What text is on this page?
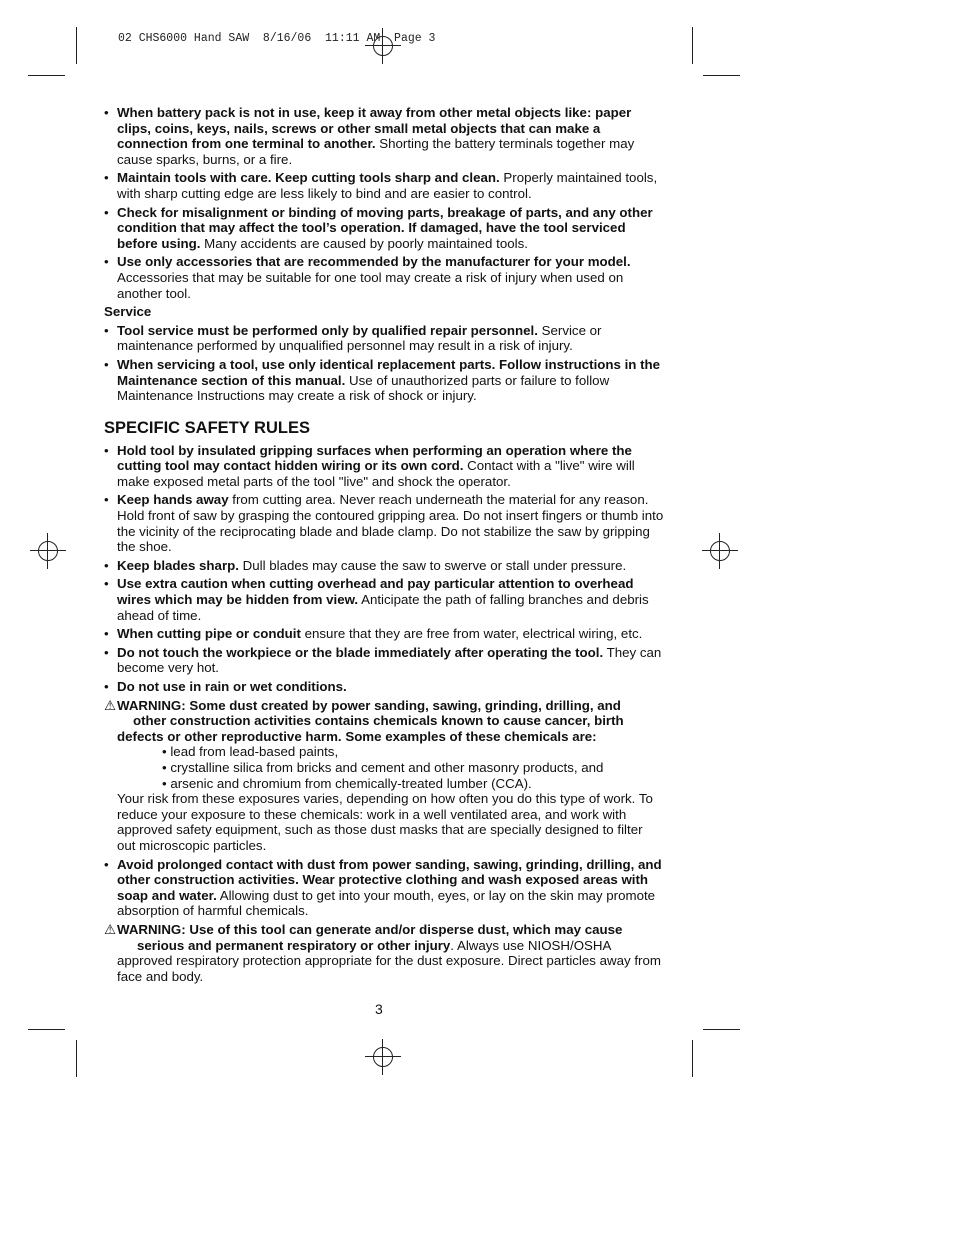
02 CHS6000 Hand SAW  8/16/06  11:11 AM  Page 3
• When battery pack is not in use, keep it away from other metal objects like: paper clips, coins, keys, nails, screws or other small metal objects that can make a connection from one terminal to another. Shorting the battery terminals together may cause sparks, burns, or a fire.
• Maintain tools with care. Keep cutting tools sharp and clean. Properly maintained tools, with sharp cutting edge are less likely to bind and are easier to control.
• Check for misalignment or binding of moving parts, breakage of parts, and any other condition that may affect the tool’s operation. If damaged, have the tool serviced before using. Many accidents are caused by poorly maintained tools.
• Use only accessories that are recommended by the manufacturer for your model. Accessories that may be suitable for one tool may create a risk of injury when used on another tool.
Service
• Tool service must be performed only by qualified repair personnel. Service or maintenance performed by unqualified personnel may result in a risk of injury.
• When servicing a tool, use only identical replacement parts. Follow instructions in the Maintenance section of this manual. Use of unauthorized parts or failure to follow Maintenance Instructions may create a risk of shock or injury.
SPECIFIC SAFETY RULES
• Hold tool by insulated gripping surfaces when performing an operation where the cutting tool may contact hidden wiring or its own cord. Contact with a "live" wire will make exposed metal parts of the tool "live" and shock the operator.
• Keep hands away from cutting area. Never reach underneath the material for any reason. Hold front of saw by grasping the contoured gripping area. Do not insert fingers or thumb into the vicinity of the reciprocating blade and blade clamp. Do not stabilize the saw by gripping the shoe.
• Keep blades sharp. Dull blades may cause the saw to swerve or stall under pressure.
• Use extra caution when cutting overhead and pay particular attention to overhead wires which may be hidden from view. Anticipate the path of falling branches and debris ahead of time.
• When cutting pipe or conduit ensure that they are free from water, electrical wiring, etc.
• Do not touch the workpiece or the blade immediately after operating the tool. They can become very hot.
• Do not use in rain or wet conditions.
⚠ WARNING: Some dust created by power sanding, sawing, grinding, drilling, and
other construction activities contains chemicals known to cause cancer, birth
defects or other reproductive harm. Some examples of these chemicals are:
• lead from lead-based paints,
• crystalline silica from bricks and cement and other masonry products, and
• arsenic and chromium from chemically-treated lumber (CCA).
Your risk from these exposures varies, depending on how often you do this type of work. To reduce your exposure to these chemicals: work in a well ventilated area, and work with approved safety equipment, such as those dust masks that are specially designed to filter out microscopic particles.
• Avoid prolonged contact with dust from power sanding, sawing, grinding, drilling, and other construction activities. Wear protective clothing and wash exposed areas with soap and water. Allowing dust to get into your mouth, eyes, or lay on the skin may promote absorption of harmful chemicals.
⚠ WARNING: Use of this tool can generate and/or disperse dust, which may cause serious and permanent respiratory or other injury. Always use NIOSH/OSHA approved respiratory protection appropriate for the dust exposure. Direct particles away from face and body.
3
